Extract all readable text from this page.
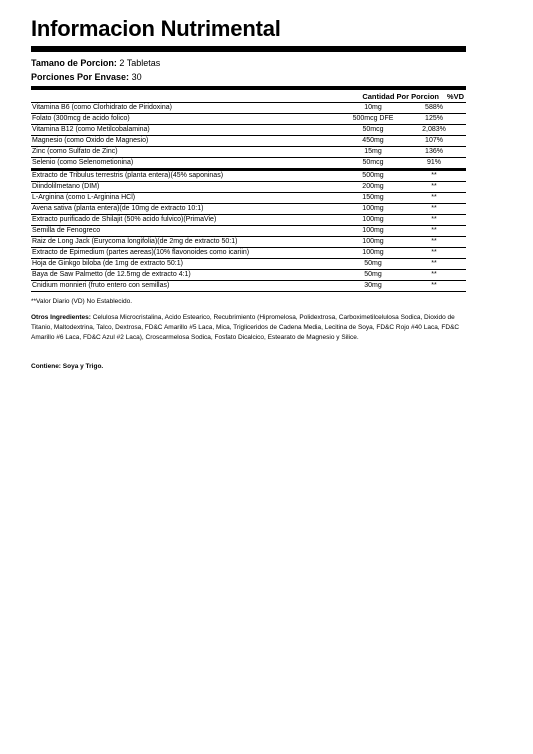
Informacion Nutrimental
Tamano de Porcion: 2 Tabletas
Porciones Por Envase: 30
Cantidad Por Porcion %VD
Vitamina B6 (como Clorhidrato de Piridoxina)	10mg	588%
Folato (300mcg de acido folico)	500mcg DFE	125%
Vitamina B12 (como Metilcobalamina)	50mcg	2,083%
Magnesio (como Oxido de Magnesio)	450mg	107%
Zinc (como Sulfato de Zinc)	15mg	136%
Selenio (como Selenometionina)	50mcg	91%
Extracto de Tribulus terrestris (planta entera)(45% saponinas)	500mg	**
Diindolilmetano (DIM)	200mg	**
L-Arginina (como L-Arginina HCl)	150mg	**
Avena sativa (planta entera)(de 10mg de extracto 10:1)	100mg	**
Extracto purificado de Shilajit (50% acido fulvico)(PrimaVie)	100mg	**
Semilla de Fenogreco	100mg	**
Raiz de Long Jack (Eurycoma longifolia)(de 2mg de extracto 50:1)	100mg	**
Extracto de Epimedium (partes aereas)(10% flavonoides como icariin)	100mg	**
Hoja de Ginkgo biloba (de 1mg de extracto 50:1)	50mg	**
Baya de Saw Palmetto (de 12.5mg de extracto 4:1)	50mg	**
Cnidium monnieri (fruto entero con semillas)	30mg	**
**Valor Diario (VD) No Establecido.
Otros Ingredientes: Celulosa Microcristalina, Acido Estearico, Recubrimiento (Hipromelosa, Polidextrosa, Carboximetilcelulosa Sodica, Dioxido de Titanio, Maltodextrina, Talco, Dextrosa, FD&C Amarillo #5 Laca, Mica, Trigliceridos de Cadena Media, Lecitina de Soya, FD&C Rojo #40 Laca, FD&C Amarillo #6 Laca, FD&C Azul #2 Laca), Croscarmelosa Sodica, Fosfato Dicalcico, Estearato de Magnesio y Silice.
Contiene: Soya y Trigo.
